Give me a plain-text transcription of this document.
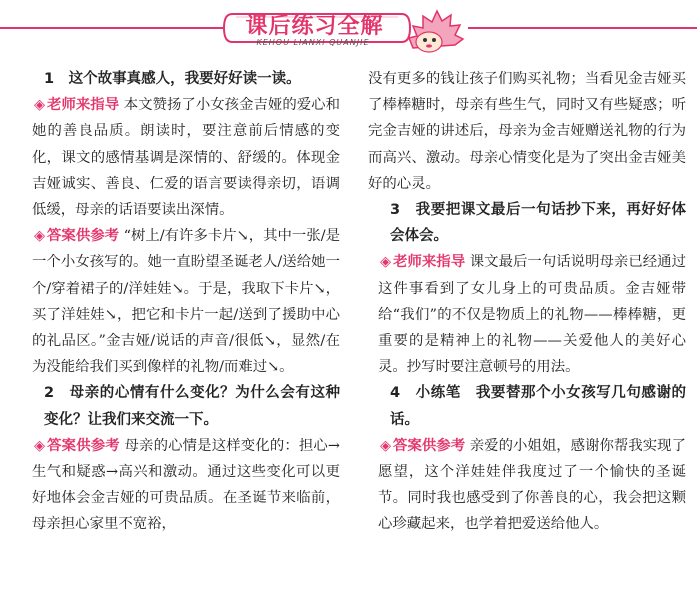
课后练习全解
KEHOU LIANXI QUANJIE

1　这个故事真感人，我要好好读一读。

◈ 老师来指导 本文赞扬了小女孩金吉娅的爱心和她的善良品质。朗读时，要注意前后情感的变化，课文的感情基调是深情的、舒缓的。体现金吉娅诚实、善良、仁爱的语言要读得亲切，语调低缓，母亲的话语要读出深情。

◈ 答案供参考 “树上/有许多卡片↘，其中一张/是一个小女孩写的。她一直盼望圣诞老人/送给她一个/穿着裙子的/洋娃娃↘。于是，我取下卡片↘，买了洋娃娃↘，把它和卡片一起/送到了援助中心的礼品区。”金吉娅/说话的声音/很低↘，显然/在为没能给我们买到像样的礼物/而难过↘。

2　母亲的心情有什么变化？为什么会有这种变化？让我们来交流一下。

◈ 答案供参考 母亲的心情是这样变化的：担心→生气和疑惑→高兴和激动。通过这些变化可以更好地体会金吉娅的可贵品质。在圣诞节来临前，母亲担心家里不宽裕，

没有更多的钱让孩子们购买礼物；当看见金吉娅买了棒棒糖时，母亲有些生气，同时又有些疑惑；听完金吉娅的讲述后，母亲为金吉娅赠送礼物的行为而高兴、激动。母亲心情变化是为了突出金吉娅美好的心灵。

3　我要把课文最后一句话抄下来，再好好体会体会。

◈ 老师来指导 课文最后一句话说明母亲已经通过这件事看到了女儿身上的可贵品质。金吉娅带给“我们”的不仅是物质上的礼物——棒棒糖，更重要的是精神上的礼物——关爱他人的美好心灵。抄写时要注意顿号的用法。

4　小练笔　我要替那个小女孩写几句感谢的话。

◈ 答案供参考 亲爱的小姐姐，感谢你帮我实现了愿望，这个洋娃娃伴我度过了一个愉快的圣诞节。同时我也感受到了你善良的心，我会把这颗心珍藏起来，也学着把爱送给他人。
